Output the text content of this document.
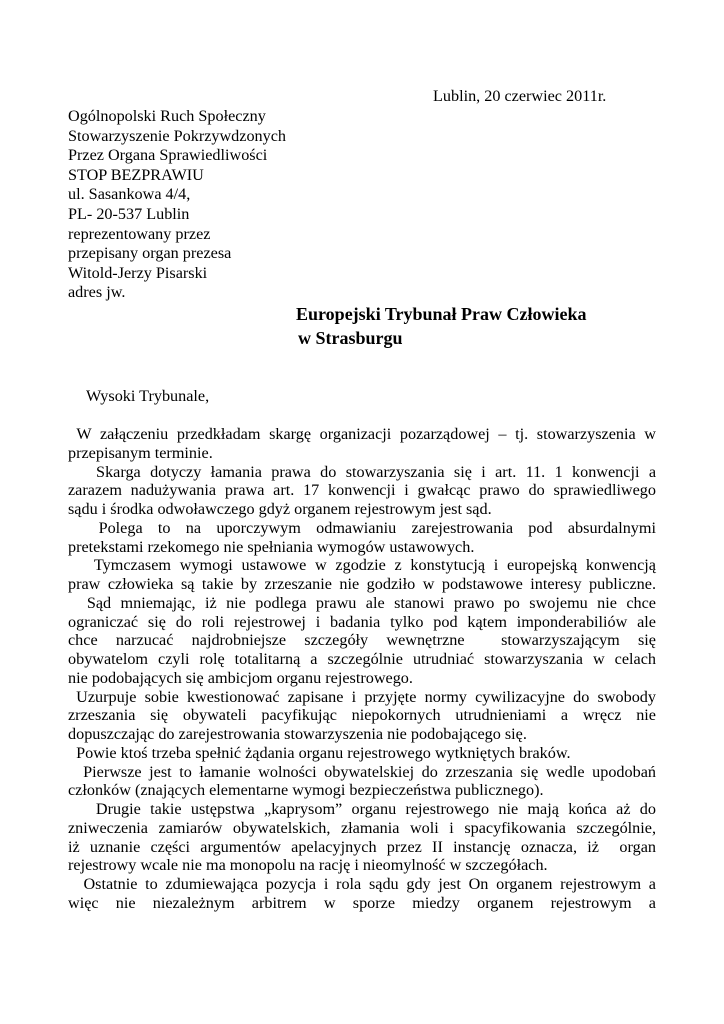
Lublin, 20 czerwiec 2011r.
Ogólnopolski Ruch Społeczny
Stowarzyszenie Pokrzywdzonych
Przez Organa Sprawiedliwości
STOP BEZPRAWIU
ul. Sasankowa 4/4,
PL- 20-537 Lublin
reprezentowany przez
przepisany organ prezesa
Witold-Jerzy Pisarski
adres jw.
Europejski Trybunał Praw Człowieka
w Strasburgu
Wysoki Trybunale,
W załączeniu przedkładam skargę organizacji pozarządowej – tj. stowarzyszenia w
przepisanym terminie.
Skarga dotyczy łamania prawa do stowarzyszania się i art. 11. 1 konwencji a
zarazem nadużywania prawa art. 17 konwencji i gwałcąc prawo do sprawiedliwego
sądu i środka odwoławczego gdyż organem rejestrowym jest sąd.
Polega to na uporczywym odmawianiu zarejestrowania pod absurdalnymi
pretekstami rzekomego nie spełniania wymogów ustawowych.
Tymczasem wymogi ustawowe w zgodzie z konstytucją i europejską konwencją
praw człowieka są takie by zrzeszanie nie godziło w podstawowe interesy publiczne.
Sąd mniemając, iż nie podlega prawu ale stanowi prawo po swojemu nie chce
ograniczać się do roli rejestrowej i badania tylko pod kątem imponderabiliów ale
chce narzucać najdrobniejsze szczegóły wewnętrzne  stowarzyszającym się
obywatelom czyli rolę totalitarną a szczególnie utrudniać stowarzyszania w celach
nie podobających się ambicjom organu rejestrowego.
Uzurpuje sobie kwestionować zapisane i przyjęte normy cywilizacyjne do swobody
zrzeszania się obywateli pacyfikując niepokornych utrudnieniami a wręcz nie
dopuszczając do zarejestrowania stowarzyszenia nie podobającego się.
Powie ktoś trzeba spełnić żądania organu rejestrowego wytkniętych braków.
Pierwsze jest to łamanie wolności obywatelskiej do zrzeszania się wedle upodobań
członków (znających elementarne wymogi bezpieczeństwa publicznego).
Drugie takie ustępstwa „kaprysom” organu rejestrowego nie mają końca aż do
zniweczenia zamiarów obywatelskich, złamania woli i spacyfikowania szczególnie,
iż uznanie części argumentów apelacyjnych przez II instancję oznacza, iż  organ
rejestrowy wcale nie ma monopolu na rację i nieomylność w szczegółach.
Ostatnie to zdumiewająca pozycja i rola sądu gdy jest On organem rejestrowym a
więc nie niezależnym arbitrem w sporze miedzy organem rejestrowym a
